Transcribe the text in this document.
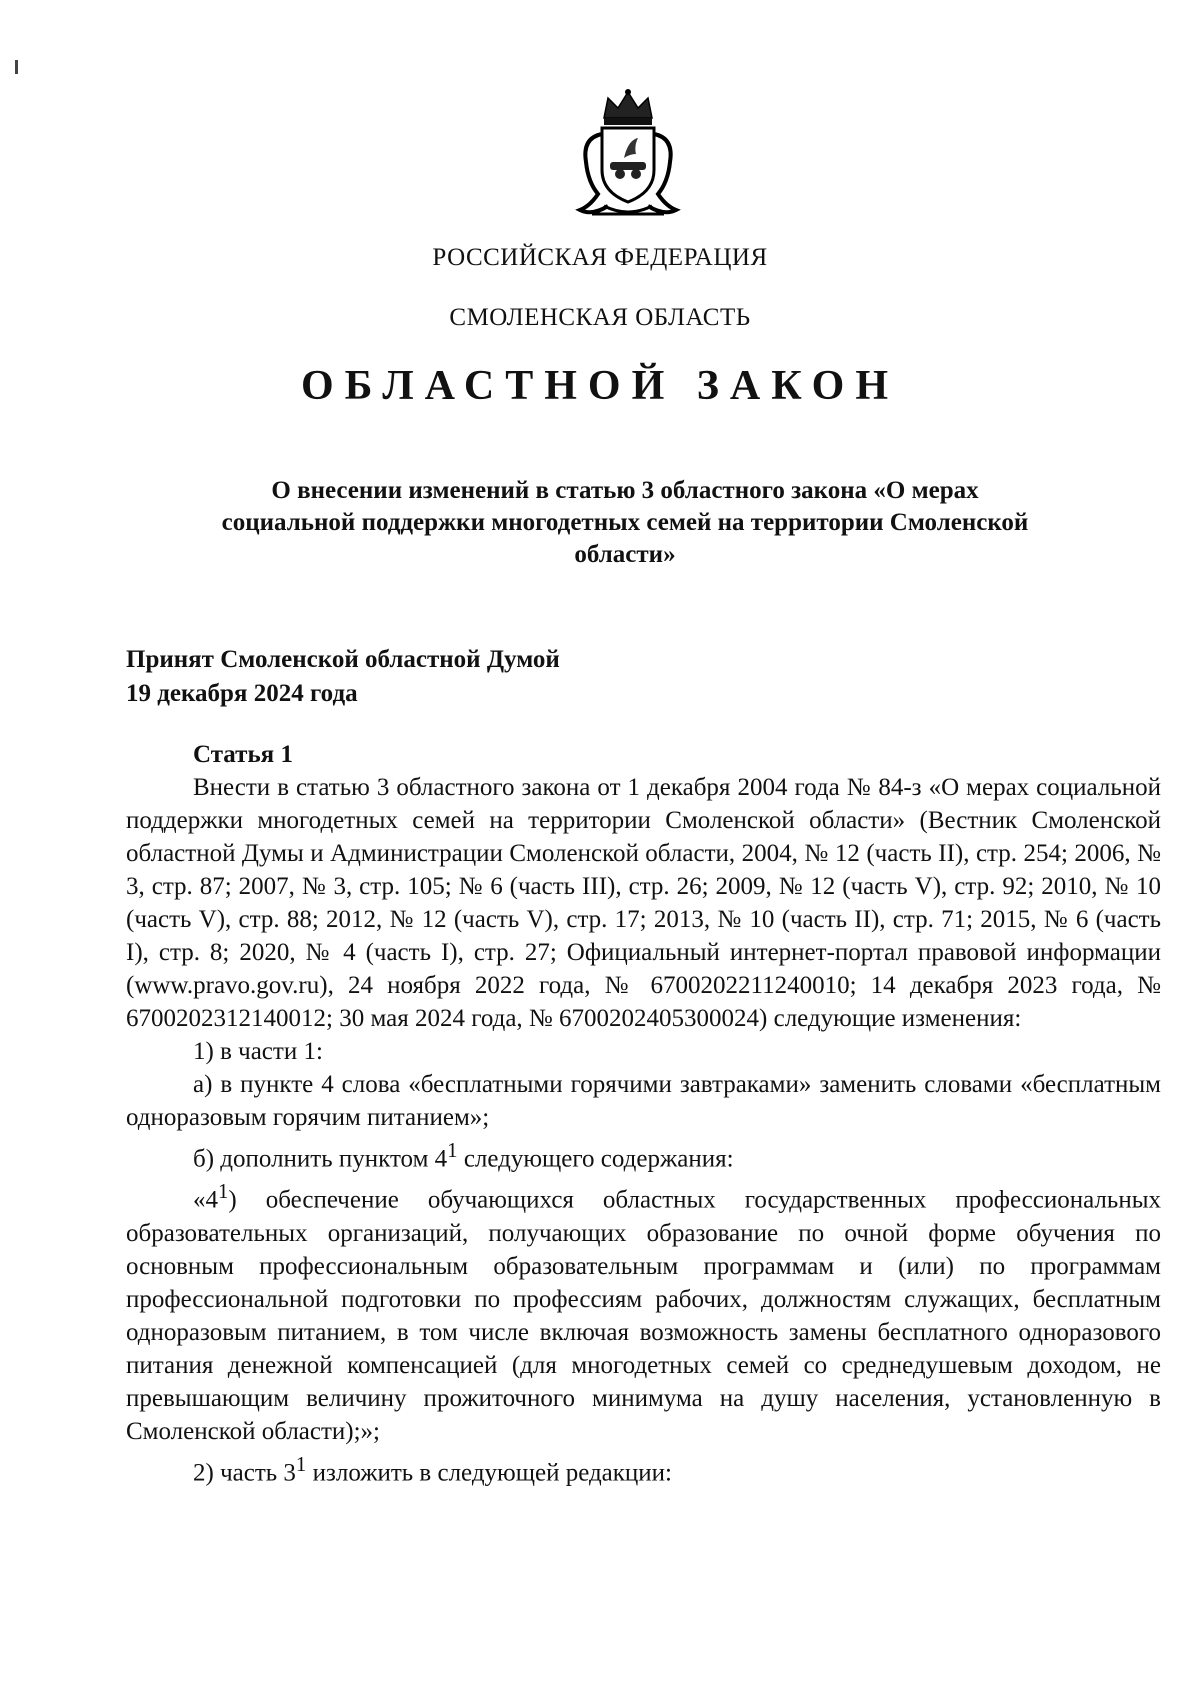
РОССИЙСКАЯ ФЕДЕРАЦИЯ
СМОЛЕНСКАЯ ОБЛАСТЬ
ОБЛАСТНОЙ ЗАКОН
О внесении изменений в статью 3 областного закона «О мерах
социальной поддержки многодетных семей на территории Смоленской
области»
Принят Смоленской областной Думой
19 декабря 2024 года

Статья 1

Внести в статью 3 областного закона от 1 декабря 2004 года № 84-з «О мерах социальной поддержки многодетных семей на территории Смоленской области» (Вестник Смоленской областной Думы и Администрации Смоленской области, 2004, № 12 (часть II), стр. 254; 2006, № 3, стр. 87; 2007, № 3, стр. 105; № 6 (часть III), стр. 26; 2009, № 12 (часть V), стр. 92; 2010, № 10 (часть V), стр. 88; 2012, № 12 (часть V), стр. 17; 2013, № 10 (часть II), стр. 71; 2015, № 6 (часть I), стр. 8; 2020, № 4 (часть I), стр. 27; Официальный интернет-портал правовой информации (www.pravo.gov.ru), 24 ноября 2022 года, № 6700202211240010; 14 декабря 2023 года, № 6700202312140012; 30 мая 2024 года, № 6700202405300024) следующие изменения:

1) в части 1:

а) в пункте 4 слова «бесплатными горячими завтраками» заменить словами «бесплатным одноразовым горячим питанием»;

б) дополнить пунктом $4^1$ следующего содержания:

«$4^1$) обеспечение обучающихся областных государственных профессиональных образовательных организаций, получающих образование по очной форме обучения по основным профессиональным образовательным программам и (или) по программам профессиональной подготовки по профессиям рабочих, должностям служащих, бесплатным одноразовым питанием, в том числе включая возможность замены бесплатного одноразового питания денежной компенсацией (для многодетных семей со среднедушевым доходом, не превышающим величину прожиточного минимума на душу населения, установленную в Смоленской области);»;

2) часть $3^1$ изложить в следующей редакции:
